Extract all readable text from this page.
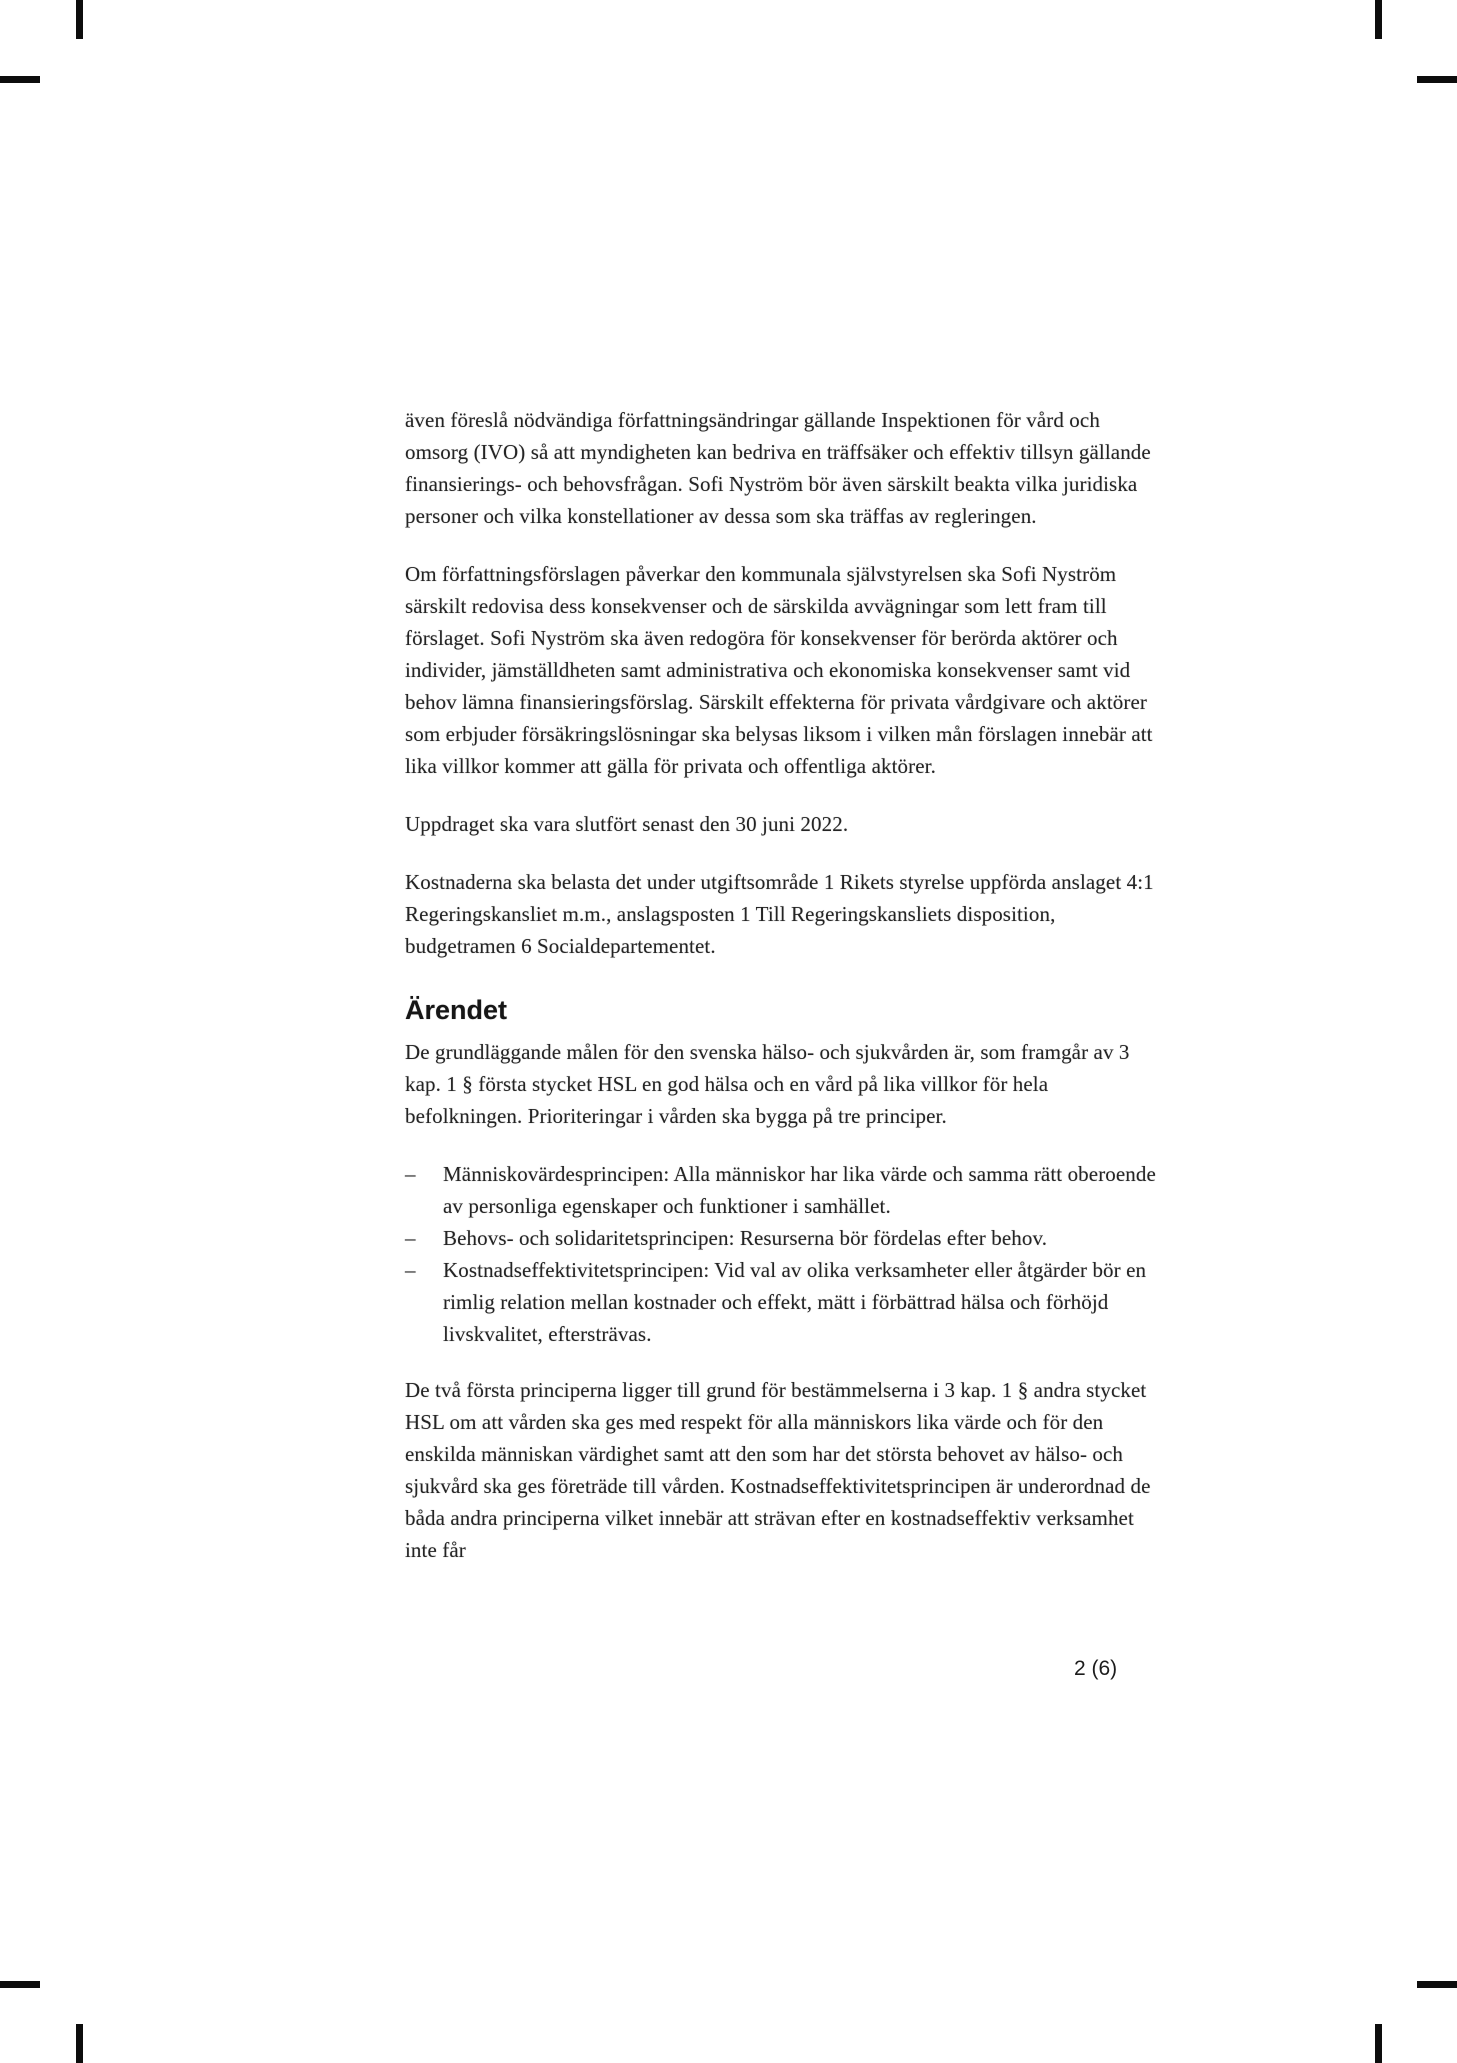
även föreslå nödvändiga författningsändringar gällande Inspektionen för vård och omsorg (IVO) så att myndigheten kan bedriva en träffsäker och effektiv tillsyn gällande finansierings- och behovsfrågan. Sofi Nyström bör även särskilt beakta vilka juridiska personer och vilka konstellationer av dessa som ska träffas av regleringen.

Om författningsförslagen påverkar den kommunala självstyrelsen ska Sofi Nyström särskilt redovisa dess konsekvenser och de särskilda avvägningar som lett fram till förslaget. Sofi Nyström ska även redogöra för konsekvenser för berörda aktörer och individer, jämställdheten samt administrativa och ekonomiska konsekvenser samt vid behov lämna finansieringsförslag. Särskilt effekterna för privata vårdgivare och aktörer som erbjuder försäkringslösningar ska belysas liksom i vilken mån förslagen innebär att lika villkor kommer att gälla för privata och offentliga aktörer.

Uppdraget ska vara slutfört senast den 30 juni 2022.

Kostnaderna ska belasta det under utgiftsområde 1 Rikets styrelse uppförda anslaget 4:1 Regeringskansliet m.m., anslagsposten 1 Till Regeringskansliets disposition, budgetramen 6 Socialdepartementet.

Ärendet

De grundläggande målen för den svenska hälso- och sjukvården är, som framgår av 3 kap. 1 § första stycket HSL en god hälsa och en vård på lika villkor för hela befolkningen. Prioriteringar i vården ska bygga på tre principer.

–	Människovärdesprincipen: Alla människor har lika värde och samma rätt oberoende av personliga egenskaper och funktioner i samhället.
–	Behovs- och solidaritetsprincipen: Resurserna bör fördelas efter behov.
–	Kostnadseffektivitetsprincipen: Vid val av olika verksamheter eller åtgärder bör en rimlig relation mellan kostnader och effekt, mätt i förbättrad hälsa och förhöjd livskvalitet, eftersträvas.

De två första principerna ligger till grund för bestämmelserna i 3 kap. 1 § andra stycket HSL om att vården ska ges med respekt för alla människors lika värde och för den enskilda människan värdighet samt att den som har det största behovet av hälso- och sjukvård ska ges företräde till vården. Kostnadseffektivitetsprincipen är underordnad de båda andra principerna vilket innebär att strävan efter en kostnadseffektiv verksamhet inte får

2 (6)
